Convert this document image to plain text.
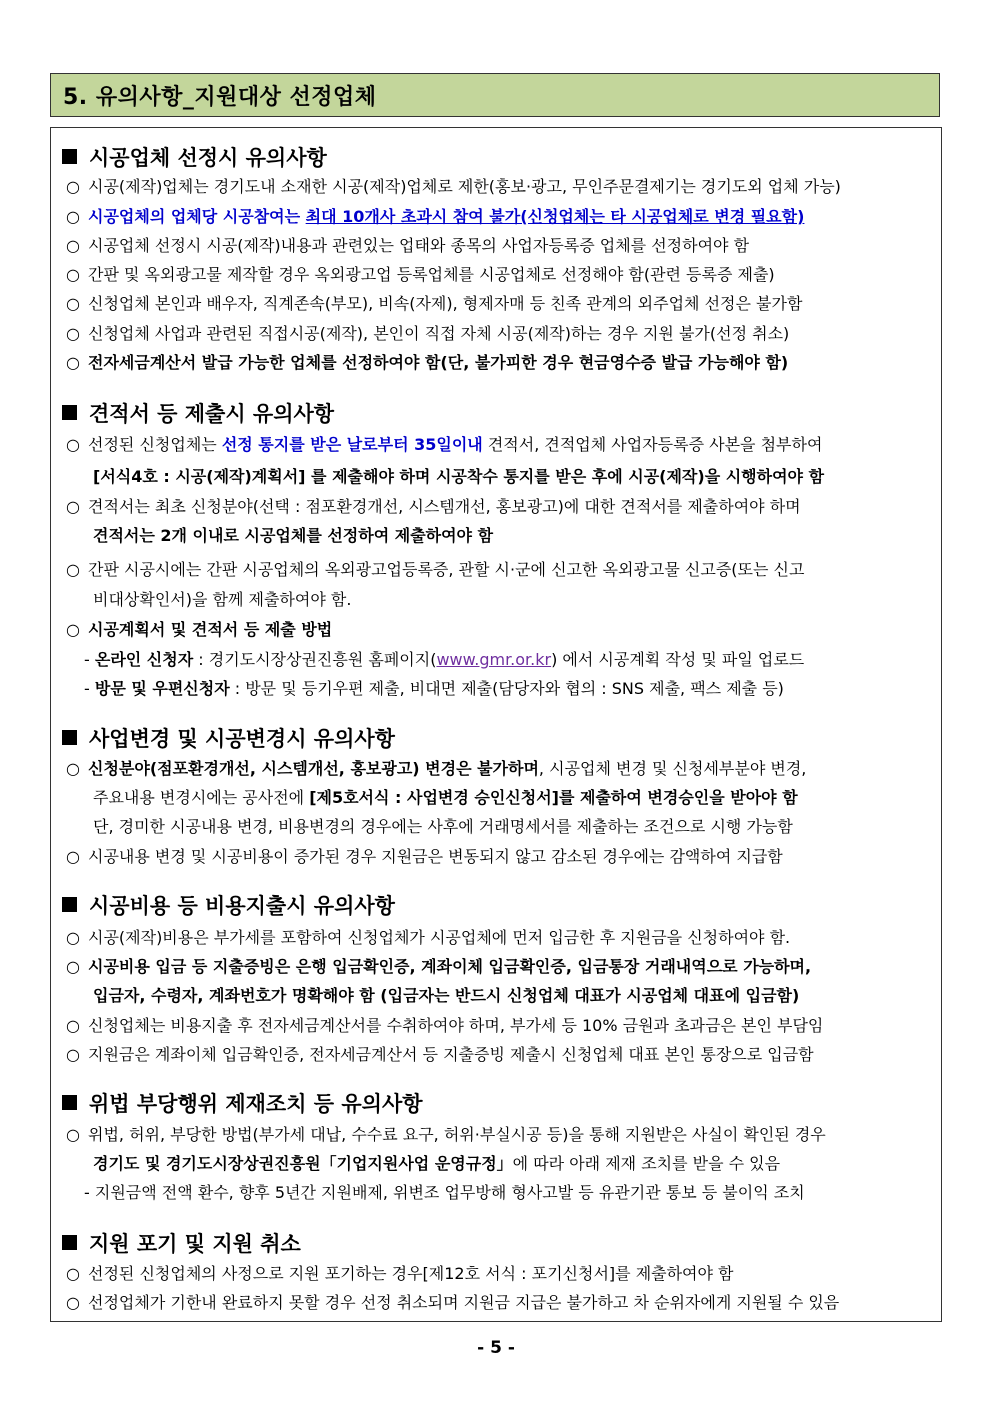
5. 유의사항_지원대상 선정업체
시공업체 선정시 유의사항
○ 시공(제작)업체는 경기도내 소재한 시공(제작)업체로 제한(홍보·광고, 무인주문결제기는 경기도외 업체 가능)
○ 시공업체의 업체당 시공참여는 최대 10개사 초과시 참여 불가(신청업체는 타 시공업체로 변경 필요함)
○ 시공업체 선정시 시공(제작)내용과 관련있는 업태와 종목의 사업자등록증 업체를 선정하여야 함
○ 간판 및 옥외광고물 제작할 경우 옥외광고업 등록업체를 시공업체로 선정해야 함(관련 등록증 제출)
○ 신청업체 본인과 배우자, 직계존속(부모), 비속(자제), 형제자매 등 친족 관계의 외주업체 선정은 불가함
○ 신청업체 사업과 관련된 직접시공(제작), 본인이 직접 자체 시공(제작)하는 경우 지원 불가(선정 취소)
○ 전자세금계산서 발급 가능한 업체를 선정하여야 함(단, 불가피한 경우 현금영수증 발급 가능해야 함)
견적서 등 제출시 유의사항
○ 선정된 신청업체는 선정 통지를 받은 날로부터 35일이내 견적서, 견적업체 사업자등록증 사본을 첨부하여
[서식4호 : 시공(제작)계획서] 를 제출해야 하며 시공착수 통지를 받은 후에 시공(제작)을 시행하여야 함
○ 견적서는 최초 신청분야(선택 : 점포환경개선, 시스템개선, 홍보광고)에 대한 견적서를 제출하여야 하며
견적서는 2개 이내로 시공업체를 선정하여 제출하여야 함
○ 간판 시공시에는 간판 시공업체의 옥외광고업등록증, 관할 시·군에 신고한 옥외광고물 신고증(또는 신고
비대상확인서)을 함께 제출하여야 함.
○ 시공계획서 및 견적서 등 제출 방법
- 온라인 신청자 : 경기도시장상권진흥원 홈페이지(www.gmr.or.kr) 에서 시공계획 작성 및 파일 업로드
- 방문 및 우편신청자 : 방문 및 등기우편 제출, 비대면 제출(담당자와 협의 : SNS 제출, 팩스 제출 등)
사업변경 및 시공변경시 유의사항
○ 신청분야(점포환경개선, 시스템개선, 홍보광고) 변경은 불가하며, 시공업체 변경 및 신청세부분야 변경,
주요내용 변경시에는 공사전에 [제5호서식 : 사업변경 승인신청서]를 제출하여 변경승인을 받아야 함
단, 경미한 시공내용 변경, 비용변경의 경우에는 사후에 거래명세서를 제출하는 조건으로 시행 가능함
○ 시공내용 변경 및 시공비용이 증가된 경우 지원금은 변동되지 않고 감소된 경우에는 감액하여 지급함
시공비용 등 비용지출시 유의사항
○ 시공(제작)비용은 부가세를 포함하여 신청업체가 시공업체에 먼저 입금한 후 지원금을 신청하여야 함.
○ 시공비용 입금 등 지출증빙은 은행 입금확인증, 계좌이체 입금확인증, 입금통장 거래내역으로 가능하며,
입금자, 수령자, 계좌번호가 명확해야 함 (입금자는 반드시 신청업체 대표가 시공업체 대표에 입금함)
○ 신청업체는 비용지출 후 전자세금계산서를 수취하여야 하며, 부가세 등 10% 금원과 초과금은 본인 부담임
○ 지원금은 계좌이체 입금확인증, 전자세금계산서 등 지출증빙 제출시 신청업체 대표 본인 통장으로 입금함
위법 부당행위 제재조치 등 유의사항
○ 위법, 허위, 부당한 방법(부가세 대납, 수수료 요구, 허위·부실시공 등)을 통해 지원받은 사실이 확인된 경우
경기도 및 경기도시장상권진흥원「기업지원사업 운영규정」에 따라 아래 제재 조치를 받을 수 있음
- 지원금액 전액 환수, 향후 5년간 지원배제, 위변조 업무방해 형사고발 등 유관기관 통보 등 불이익 조치
지원 포기 및 지원 취소
○ 선정된 신청업체의 사정으로 지원 포기하는 경우[제12호 서식 : 포기신청서]를 제출하여야 함
○ 선정업체가 기한내 완료하지 못할 경우 선정 취소되며 지원금 지급은 불가하고 차 순위자에게 지원될 수 있음
- 5 -
